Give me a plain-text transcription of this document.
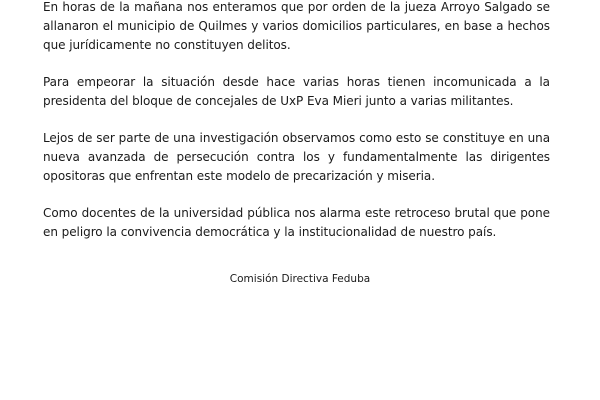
En horas de la mañana nos enteramos que por orden de la jueza Arroyo Salgado se allanaron el municipio de Quilmes y varios domicilios particulares, en base a hechos que jurídicamente no constituyen delitos.

Para empeorar la situación desde hace varias horas tienen incomunicada a la presidenta del bloque de concejales de UxP Eva Mieri junto a varias militantes.

Lejos de ser parte de una investigación observamos como esto se constituye en una nueva avanzada de persecución contra los y fundamentalmente las dirigentes opositoras que enfrentan este modelo de precarización y miseria.

Como docentes de la universidad pública nos alarma este retroceso brutal que pone en peligro la convivencia democrática y la institucionalidad de nuestro país.

Comisión Directiva Feduba
